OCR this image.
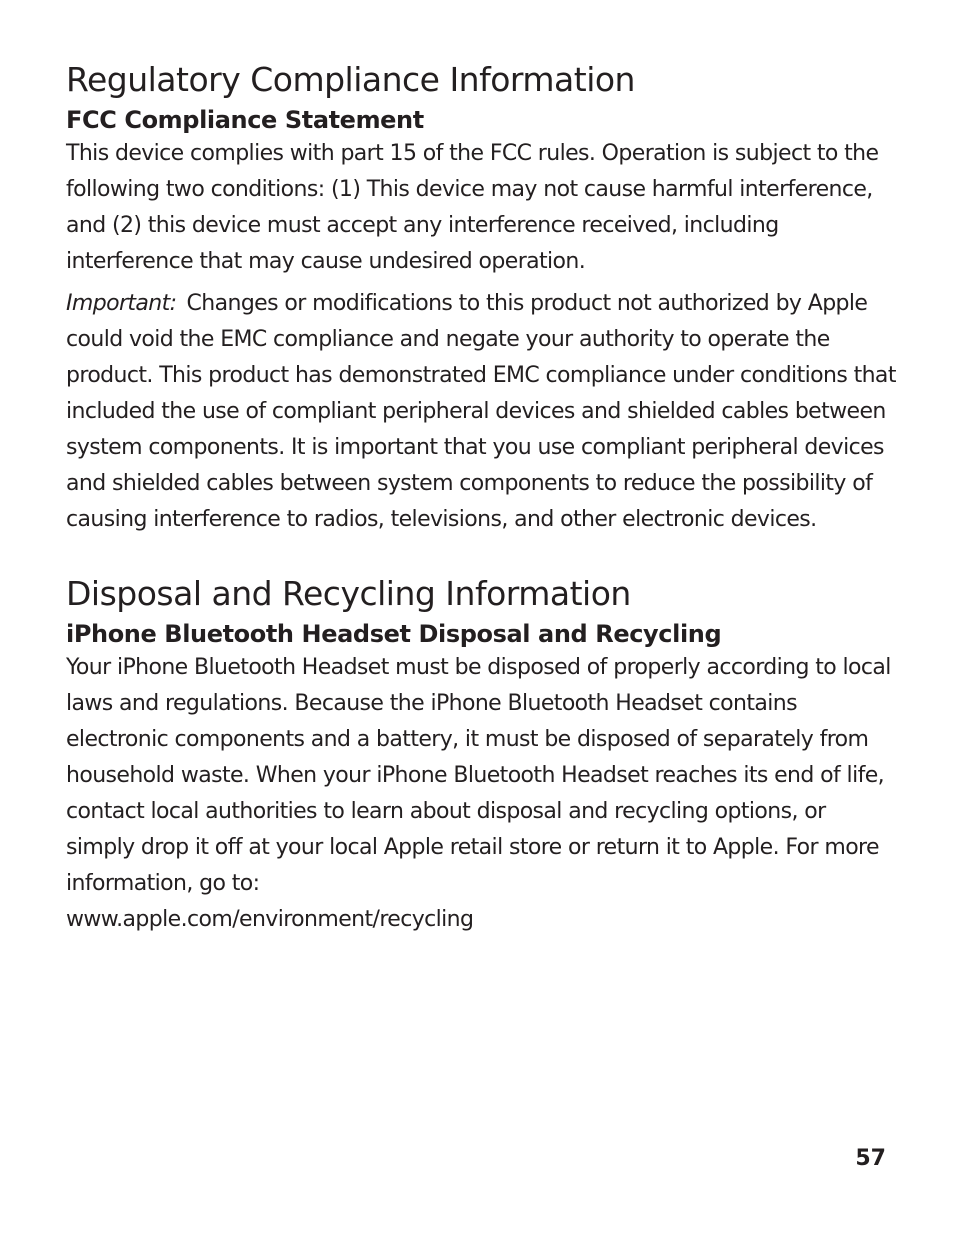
Regulatory Compliance Information
FCC Compliance Statement

This device complies with part 15 of the FCC rules. Operation is subject to the following two conditions: (1) This device may not cause harmful interference, and (2) this device must accept any interference received, including interference that may cause undesired operation.

Important: Changes or modifications to this product not authorized by Apple could void the EMC compliance and negate your authority to operate the product. This product has demonstrated EMC compliance under conditions that included the use of compliant peripheral devices and shielded cables between system components. It is important that you use compliant peripheral devices and shielded cables between system components to reduce the possibility of causing interference to radios, televisions, and other electronic devices.

Disposal and Recycling Information
iPhone Bluetooth Headset Disposal and Recycling

Your iPhone Bluetooth Headset must be disposed of properly according to local laws and regulations. Because the iPhone Bluetooth Headset contains electronic components and a battery, it must be disposed of separately from household waste. When your iPhone Bluetooth Headset reaches its end of life, contact local authorities to learn about disposal and recycling options, or simply drop it off at your local Apple retail store or return it to Apple. For more information, go to:
www.apple.com/environment/recycling

57
